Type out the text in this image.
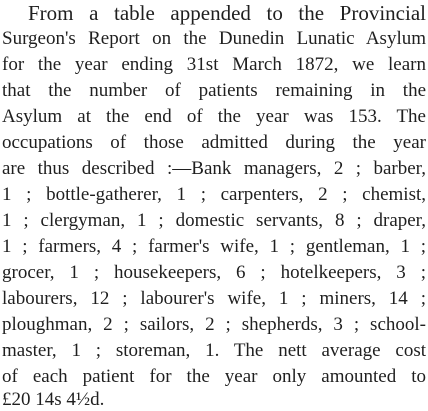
From a table appended to the Provincial
Surgeon's Report on the Dunedin Lunatic Asylum
for the year ending 31st March 1872, we learn
that the number of patients remaining in the
Asylum at the end of the year was 153. The
occupations of those admitted during the year
are thus described :—Bank managers, 2 ; barber,
1 ; bottle-gatherer, 1 ; carpenters, 2 ; chemist,
1 ; clergyman, 1 ; domestic servants, 8 ; draper,
1 ; farmers, 4 ; farmer's wife, 1 ; gentleman, 1 ;
grocer, 1 ; housekeepers, 6 ; hotelkeepers, 3 ;
labourers, 12 ; labourer's wife, 1 ; miners, 14 ;
ploughman, 2 ; sailors, 2 ; shepherds, 3 ; school-
master, 1 ; storeman, 1. The nett average cost
of each patient for the year only amounted to
£20 14s 4½d.
